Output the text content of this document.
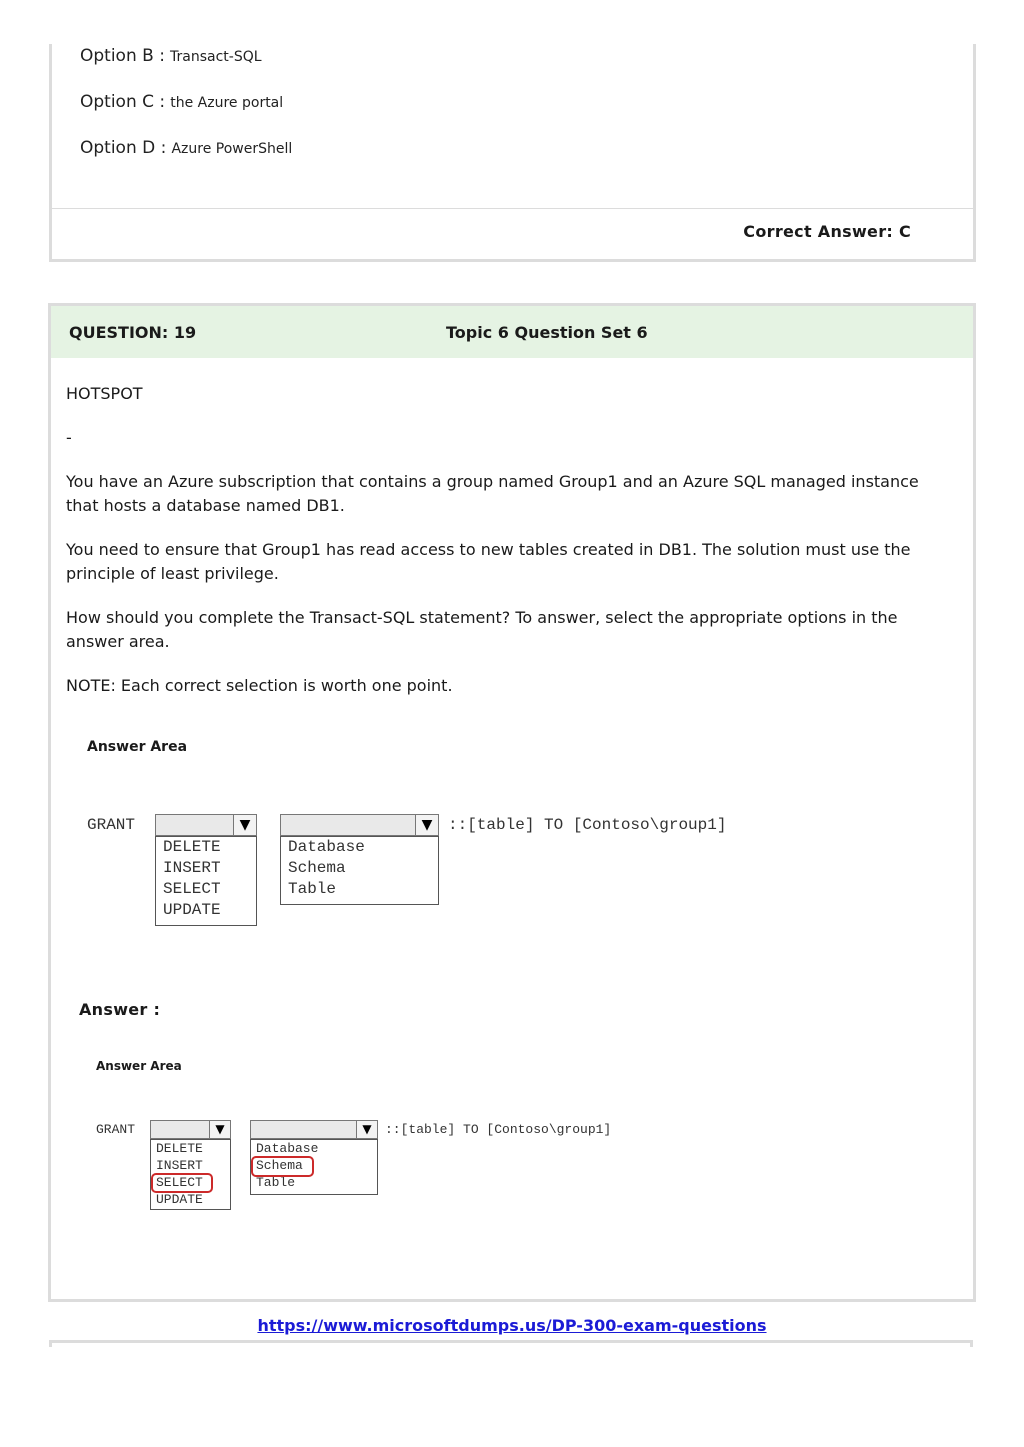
Option B : Transact-SQL
Option C : the Azure portal
Option D : Azure PowerShell
Correct Answer: C
QUESTION: 19	Topic 6 Question Set 6
HOTSPOT
-
You have an Azure subscription that contains a group named Group1 and an Azure SQL managed instance that hosts a database named DB1.
You need to ensure that Group1 has read access to new tables created in DB1. The solution must use the principle of least privilege.
How should you complete the Transact-SQL statement? To answer, select the appropriate options in the answer area.
NOTE: Each correct selection is worth one point.
Answer Area
GRANT	▼
DELETE
INSERT
SELECT
UPDATE
▼
Database
Schema
Table
::[table] TO [Contoso\group1]
Answer :
Answer Area
GRANT	▼
DELETE
INSERT
SELECT
UPDATE
▼
Database
Schema
Table
::[table] TO [Contoso\group1]
https://www.microsoftdumps.us/DP-300-exam-questions
